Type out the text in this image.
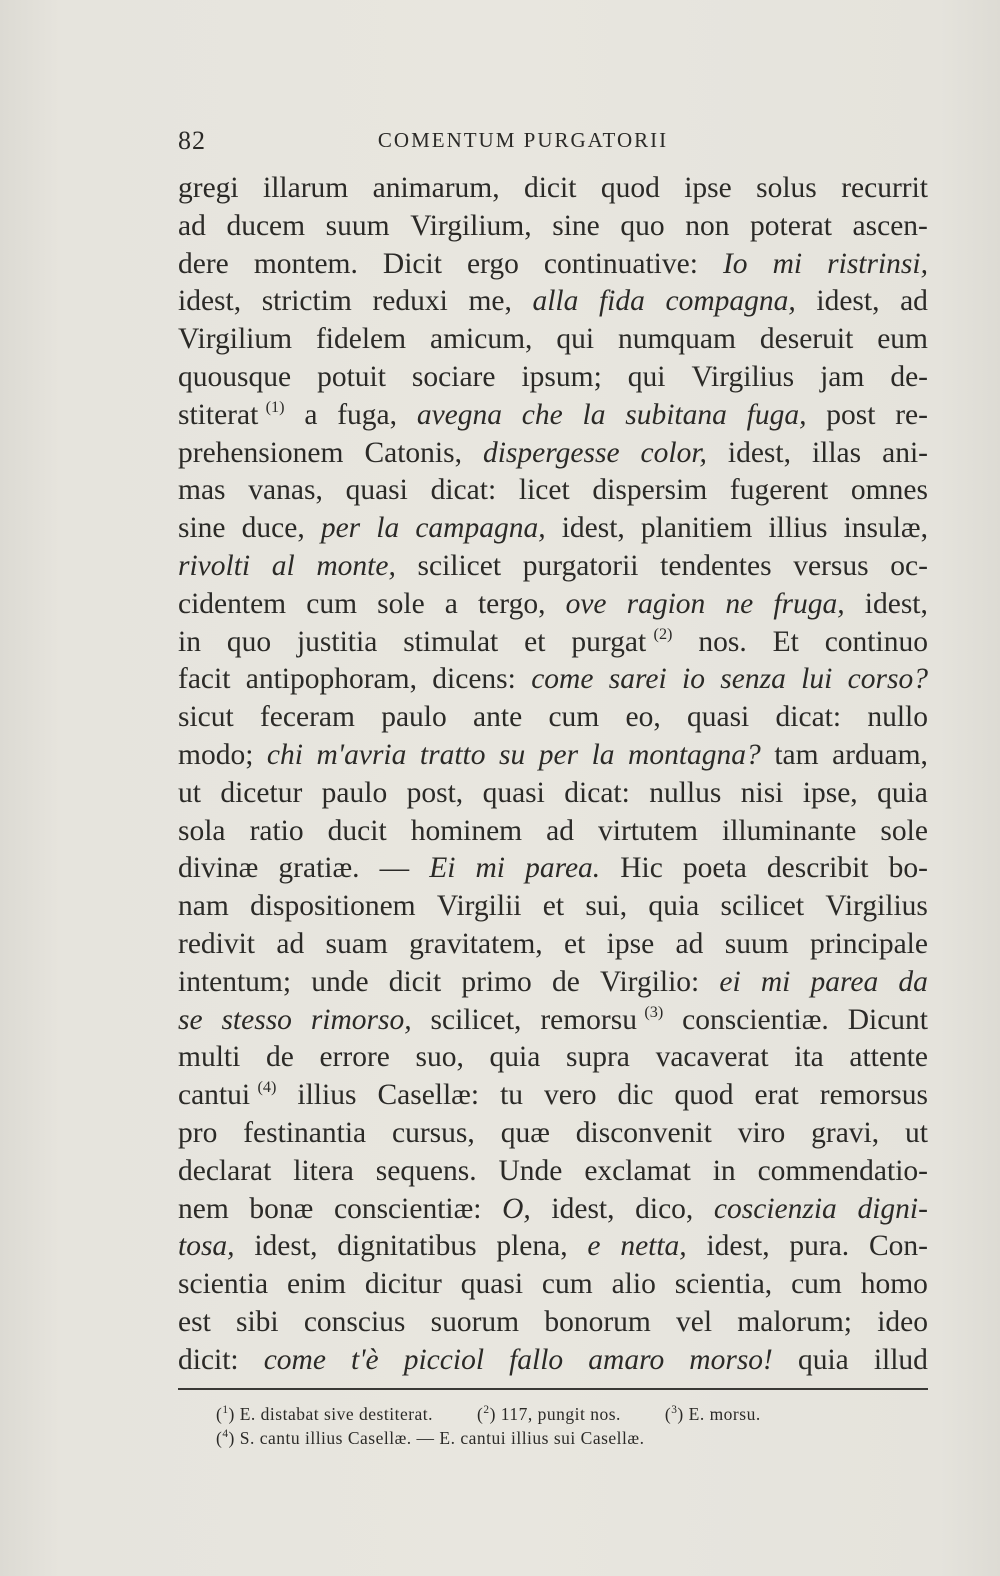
82	COMENTUM PURGATORII
gregi illarum animarum, dicit quod ipse solus recurrit
ad ducem suum Virgilium, sine quo non poterat ascen-
dere montem. Dicit ergo continuative: Io mi ristrinsi,
idest, strictim reduxi me, alla fida compagna, idest, ad
Virgilium fidelem amicum, qui numquam deseruit eum
quousque potuit sociare ipsum; qui Virgilius jam de-
stiterat $^{(1)}$ a fuga, avegna che la subitana fuga, post re-
prehensionem Catonis, dispergesse color, idest, illas ani-
mas vanas, quasi dicat: licet dispersim fugerent omnes
sine duce, per la campagna, idest, planitiem illius insulæ,
rivolti al monte, scilicet purgatorii tendentes versus oc-
cidentem cum sole a tergo, ove ragion ne fruga, idest,
in quo justitia stimulat et purgat $^{(2)}$ nos. Et continuo
facit antipophoram, dicens: come sarei io senza lui corso?
sicut feceram paulo ante cum eo, quasi dicat: nullo
modo; chi m'avria tratto su per la montagna? tam arduam,
ut dicetur paulo post, quasi dicat: nullus nisi ipse, quia
sola ratio ducit hominem ad virtutem illuminante sole
divinæ gratiæ. — Ei mi parea. Hic poeta describit bo-
nam dispositionem Virgilii et sui, quia scilicet Virgilius
redivit ad suam gravitatem, et ipse ad suum principale
intentum; unde dicit primo de Virgilio: ei mi parea da
se stesso rimorso, scilicet, remorsu $^{(3)}$ conscientiæ. Dicunt
multi de errore suo, quia supra vacaverat ita attente
cantui $^{(4)}$ illius Casellæ: tu vero dic quod erat remorsus
pro festinantia cursus, quæ disconvenit viro gravi, ut
declarat litera sequens. Unde exclamat in commendatio-
nem bonæ conscientiæ: O, idest, dico, coscienzia digni-
tosa, idest, dignitatibus plena, e netta, idest, pura. Con-
scientia enim dicitur quasi cum alio scientia, cum homo
est sibi conscius suorum bonorum vel malorum; ideo
dicit: come t'è picciol fallo amaro morso! quia illud
($^1$) E. distabat sive destiterat.	($^2$) 117, pungit nos.	($^3$) E. morsu.
($^4$) S. cantu illius Casellæ. — E. cantui illius sui Casellæ.
